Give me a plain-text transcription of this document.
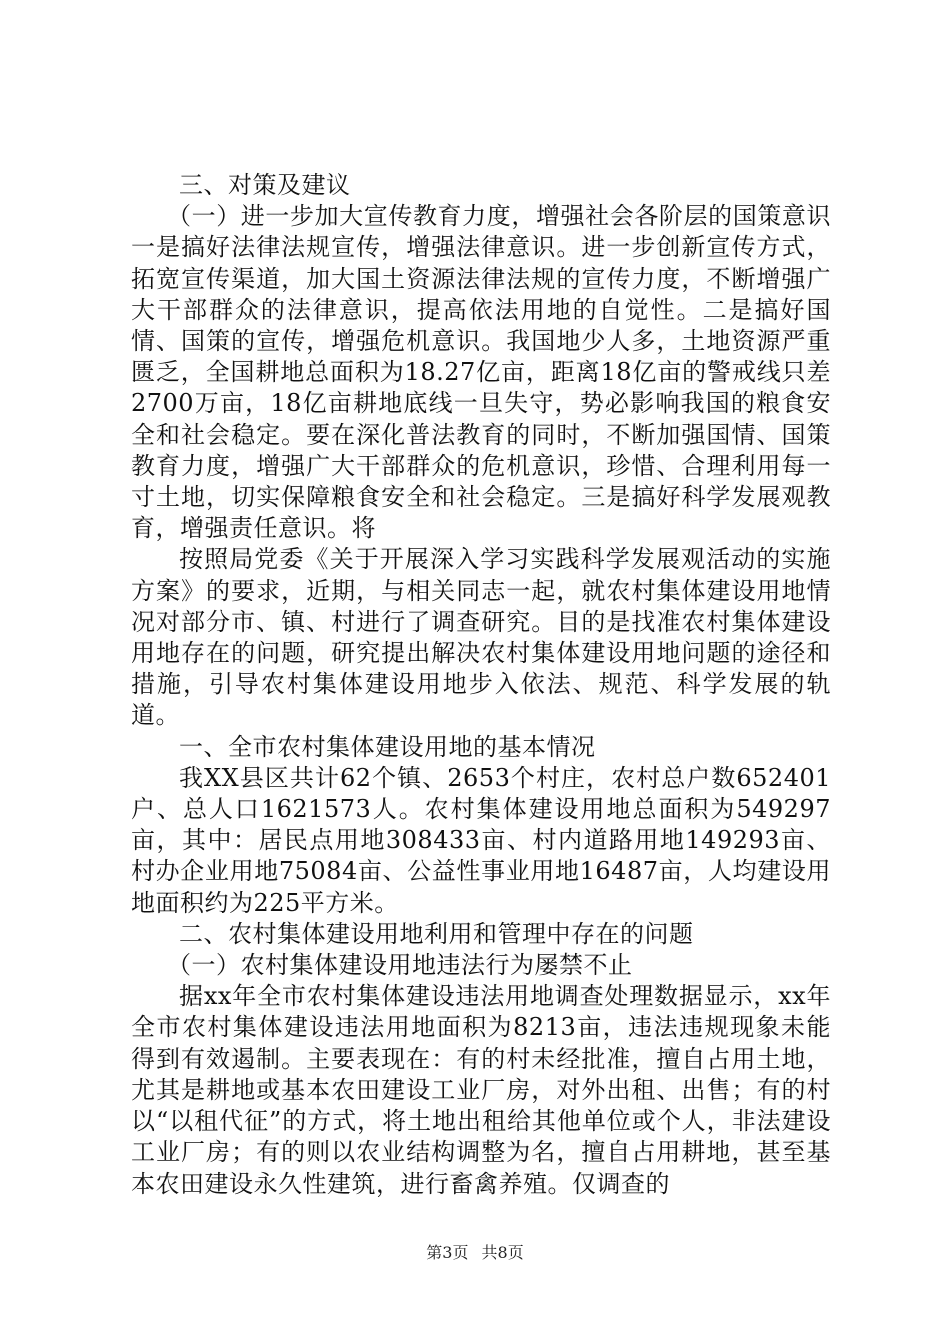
三、对策及建议

（一）进一步加大宣传教育力度，增强社会各阶层的国策意识一是搞好法律法规宣传，增强法律意识。进一步创新宣传方式，拓宽宣传渠道，加大国土资源法律法规的宣传力度，不断增强广大干部群众的法律意识，提高依法用地的自觉性。二是搞好国情、国策的宣传，增强危机意识。我国地少人多，土地资源严重匮乏，全国耕地总面积为18.27亿亩，距离18亿亩的警戒线只差2700万亩，18亿亩耕地底线一旦失守，势必影响我国的粮食安全和社会稳定。要在深化普法教育的同时，不断加强国情、国策教育力度，增强广大干部群众的危机意识，珍惜、合理利用每一寸土地，切实保障粮食安全和社会稳定。三是搞好科学发展观教育，增强责任意识。将

按照局党委《关于开展深入学习实践科学发展观活动的实施方案》的要求，近期，与相关同志一起，就农村集体建设用地情况对部分市、镇、村进行了调查研究。目的是找准农村集体建设用地存在的问题，研究提出解决农村集体建设用地问题的途径和措施，引导农村集体建设用地步入依法、规范、科学发展的轨道。

一、全市农村集体建设用地的基本情况

我XX县区共计62个镇、2653个村庄，农村总户数652401户、总人口1621573人。农村集体建设用地总面积为549297亩，其中：居民点用地308433亩、村内道路用地149293亩、村办企业用地75084亩、公益性事业用地16487亩，人均建设用地面积约为225平方米。

二、农村集体建设用地利用和管理中存在的问题

（一）农村集体建设用地违法行为屡禁不止

据xx年全市农村集体建设违法用地调查处理数据显示，xx年全市农村集体建设违法用地面积为8213亩，违法违规现象未能得到有效遏制。主要表现在：有的村未经批准，擅自占用土地，尤其是耕地或基本农田建设工业厂房，对外出租、出售；有的村以“以租代征”的方式，将土地出租给其他单位或个人，非法建设工业厂房；有的则以农业结构调整为名，擅自占用耕地，甚至基本农田建设永久性建筑，进行畜禽养殖。仅调查的

第3页 共8页
